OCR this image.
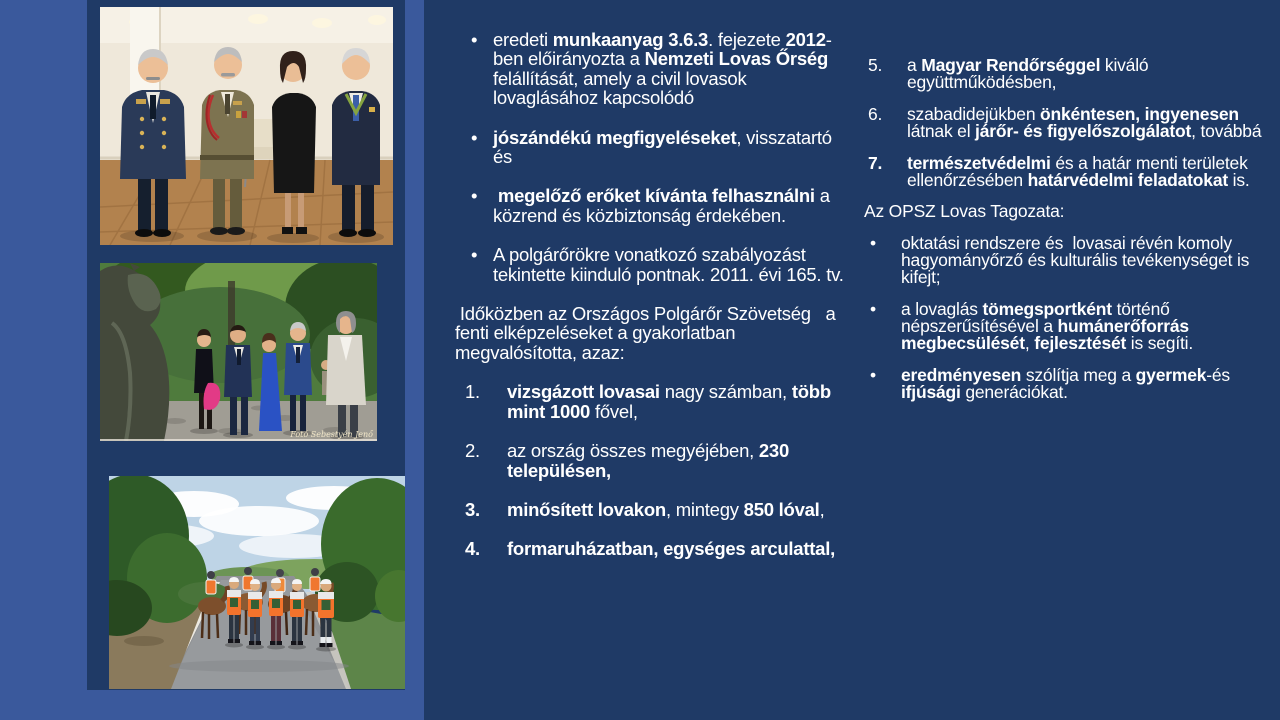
Fotó Sebestyén Jenő
• eredeti munkaanyag 3.6.3. fejezete 2012-ben előirányozta a Nemzeti Lovas Őrség felállítását, amely a civil lovasok lovaglásához kapcsolódó
• jószándékú megfigyeléseket, visszatartó és
• megelőző erőket kívánta felhasználni a közrend és közbiztonság érdekében.
• A polgárőrökre vonatkozó szabályozást tekintette kiinduló pontnak. 2011. évi 165. tv.
Időközben az Országos Polgárőr Szövetség   a fenti elképzeléseket a gyakorlatban megvalósította, azaz:
1. vizsgázott lovasai nagy számban, több mint 1000 fővel,
2. az ország összes megyéjében, 230 településen,
3. minősített lovakon, mintegy 850 lóval,
4. formaruházatban, egységes arculattal,
5. a Magyar Rendőrséggel kiváló együttműködésben,
6. szabadidejükben önkéntesen, ingyenesen látnak el járőr- és figyelőszolgálatot, továbbá
7. természetvédelmi és a határ menti területek ellenőrzésében határvédelmi feladatokat is.
Az OPSZ Lovas Tagozata:
• oktatási rendszere és  lovasai révén komoly hagyományőrző és kulturális tevékenységet is kifejt;
• a lovaglás tömegsportként történő népszerűsítésével a humánerőforrás megbecsülését, fejlesztését is segíti.
• eredményesen szólítja meg a gyermek-és ifjúsági generációkat.
